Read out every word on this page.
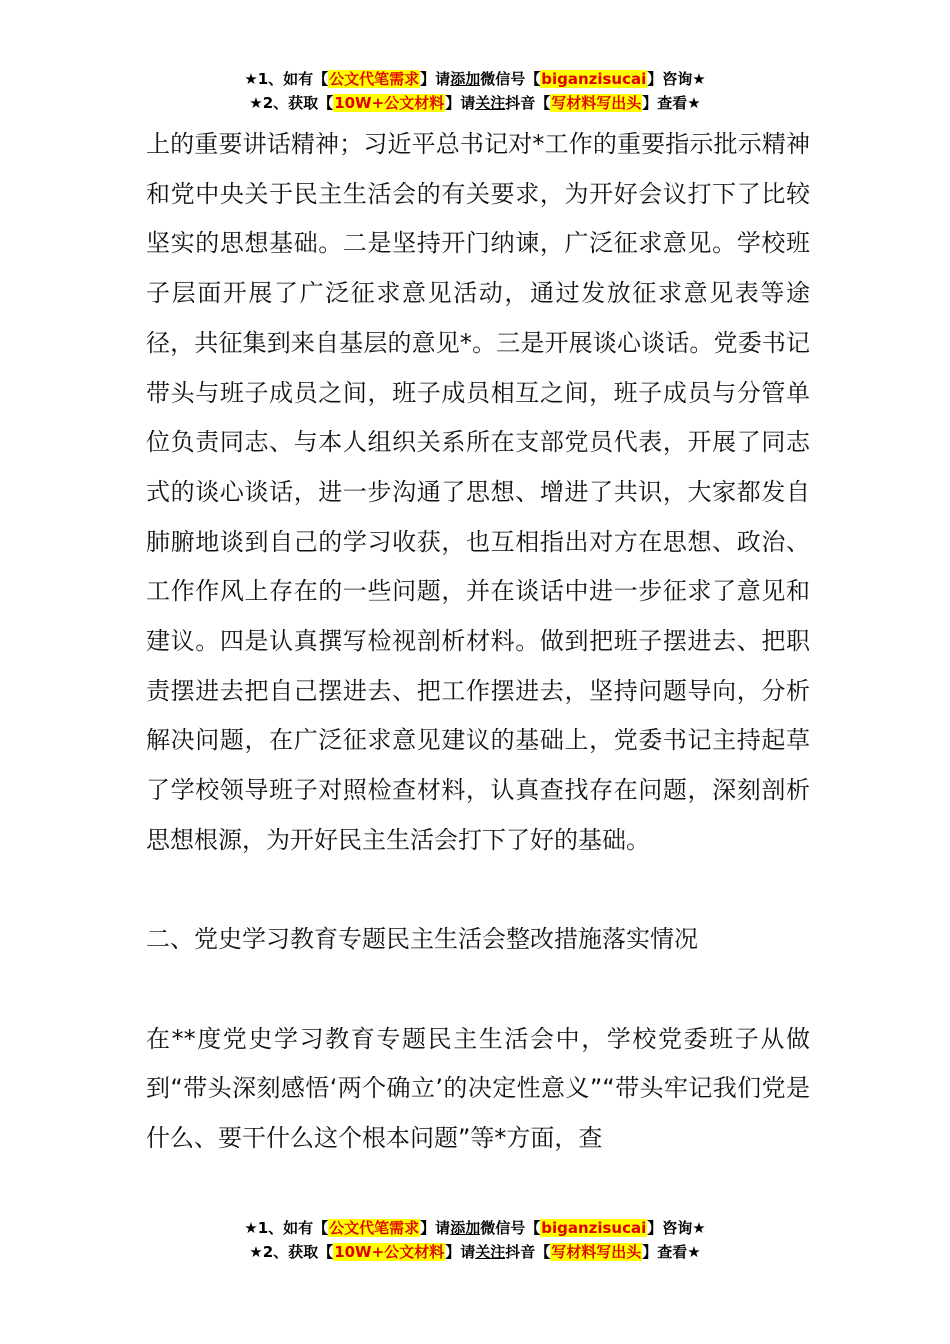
★1、如有【公文代笔需求】请添加微信号【biganzisucai】咨询★
★2、获取【10W+公文材料】请关注抖音【写材料写出头】查看★

上的重要讲话精神；习近平总书记对*工作的重要指示批示精神和党中央关于民主生活会的有关要求，为开好会议打下了比较坚实的思想基础。二是坚持开门纳谏，广泛征求意见。学校班子层面开展了广泛征求意见活动，通过发放征求意见表等途径，共征集到来自基层的意见*。三是开展谈心谈话。党委书记带头与班子成员之间，班子成员相互之间，班子成员与分管单位负责同志、与本人组织关系所在支部党员代表，开展了同志式的谈心谈话，进一步沟通了思想、增进了共识，大家都发自肺腑地谈到自己的学习收获，也互相指出对方在思想、政治、工作作风上存在的一些问题，并在谈话中进一步征求了意见和建议。四是认真撰写检视剖析材料。做到把班子摆进去、把职责摆进去把自己摆进去、把工作摆进去，坚持问题导向，分析解决问题，在广泛征求意见建议的基础上，党委书记主持起草了学校领导班子对照检查材料，认真查找存在问题，深刻剖析思想根源，为开好民主生活会打下了好的基础。

二、党史学习教育专题民主生活会整改措施落实情况

在**度党史学习教育专题民主生活会中，学校党委班子从做到“带头深刻感悟‘两个确立’的决定性意义”“带头牢记我们党是什么、要干什么这个根本问题”等*方面，查

★1、如有【公文代笔需求】请添加微信号【biganzisucai】咨询★
★2、获取【10W+公文材料】请关注抖音【写材料写出头】查看★
